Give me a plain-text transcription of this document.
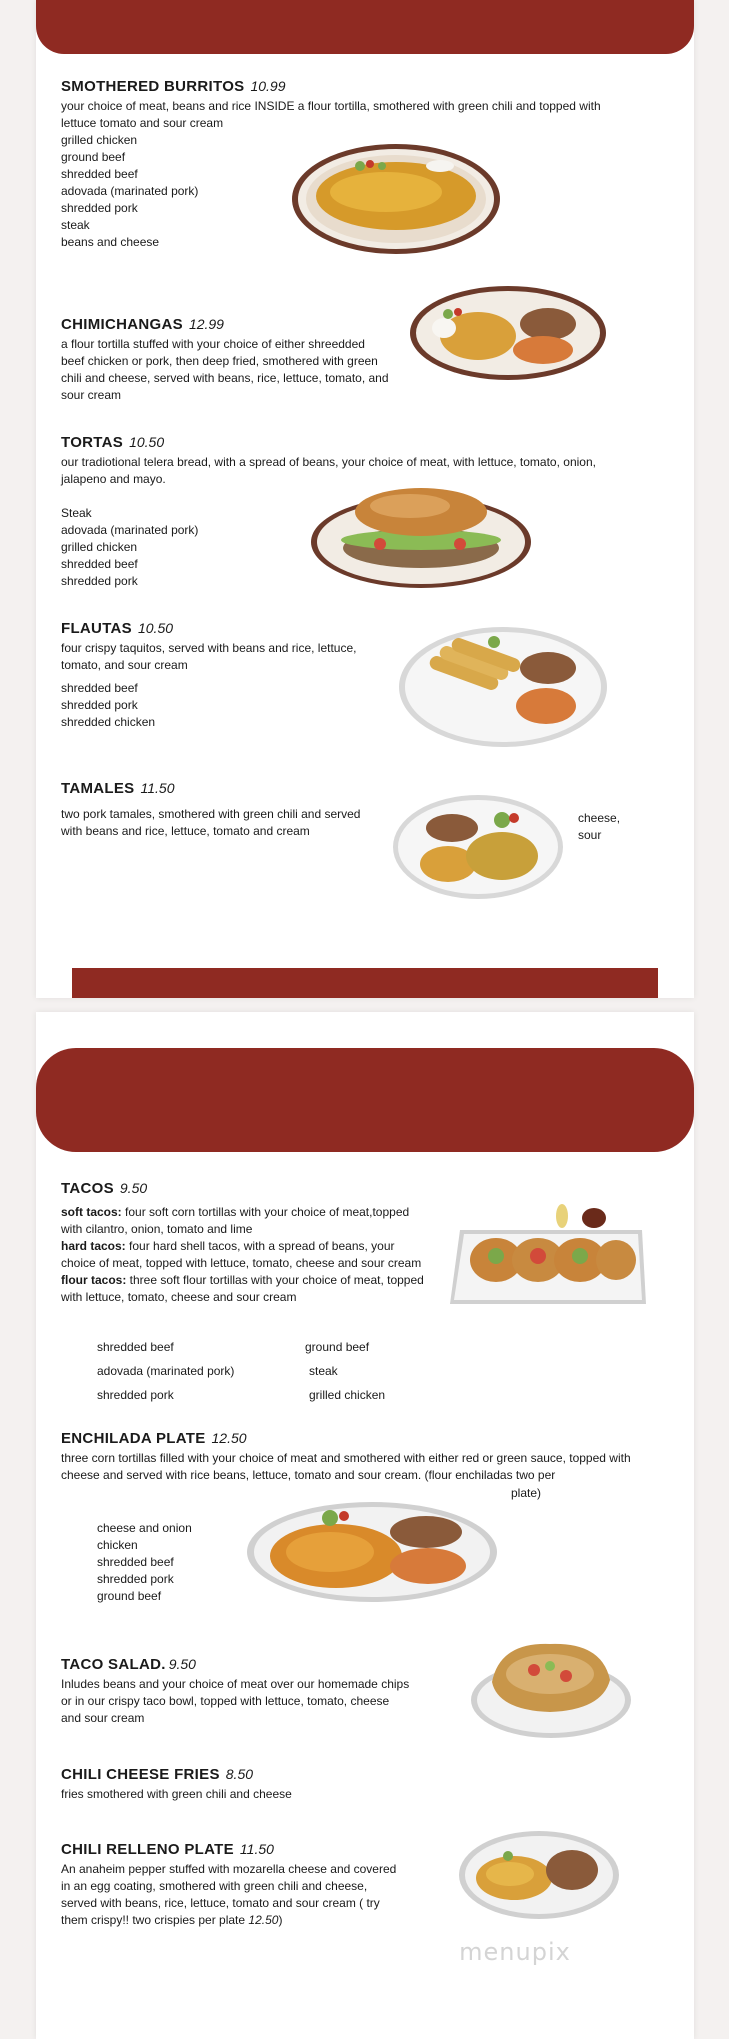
SMOTHERED BURRITOS 10.99
your choice of meat, beans and rice INSIDE a flour tortilla, smothered with green chili and topped with lettuce tomato and sour cream
grilled chicken
ground beef
shredded beef
adovada (marinated pork)
shredded pork
steak
beans and cheese
CHIMICHANGAS 12.99
a flour tortilla stuffed with your choice of either shreedded beef chicken or pork, then deep fried, smothered with green chili and cheese, served with beans, rice, lettuce, tomato, and sour cream
TORTAS 10.50
our tradiotional telera bread, with a spread of beans, your choice of meat, with lettuce, tomato, onion, jalapeno and mayo.
Steak
adovada (marinated pork)
grilled chicken
shredded beef
shredded pork
FLAUTAS 10.50
four crispy taquitos, served with beans and rice, lettuce, tomato, and sour cream
shredded beef
shredded pork
shredded chicken
TAMALES 11.50
two pork tamales, smothered with green chili and served with beans and rice, lettuce, tomato and cream
cheese,
sour
TACOS 9.50
soft tacos: four soft corn tortillas with your choice of meat,topped with cilantro, onion, tomato and lime
hard tacos: four hard shell tacos, with a spread of beans, your choice of meat, topped with lettuce, tomato, cheese and sour cream
flour tacos: three soft flour tortillas with your choice of meat, topped with lettuce, tomato, cheese and sour cream
shredded beef
adovada (marinated pork)
shredded pork
ground beef
steak
grilled chicken
ENCHILADA PLATE 12.50
three corn tortillas filled with your choice of meat and smothered with either red or green sauce, topped with cheese and served with rice beans, lettuce, tomato and sour cream. (flour enchiladas two per
plate)
cheese and onion
chicken
shredded beef
shredded pork
ground beef
TACO SALAD. 9.50
Inludes beans and your choice of meat over our homemade chips or in our crispy taco bowl, topped with lettuce, tomato, cheese and sour cream
CHILI CHEESE FRIES 8.50
fries smothered with green chili and cheese
CHILI RELLENO PLATE 11.50
An anaheim pepper stuffed with mozarella cheese and covered in an egg coating, smothered with green chili and cheese, served with beans, rice, lettuce, tomato and sour cream ( try them crispy!! two crispies per plate 12.50)
menupix
